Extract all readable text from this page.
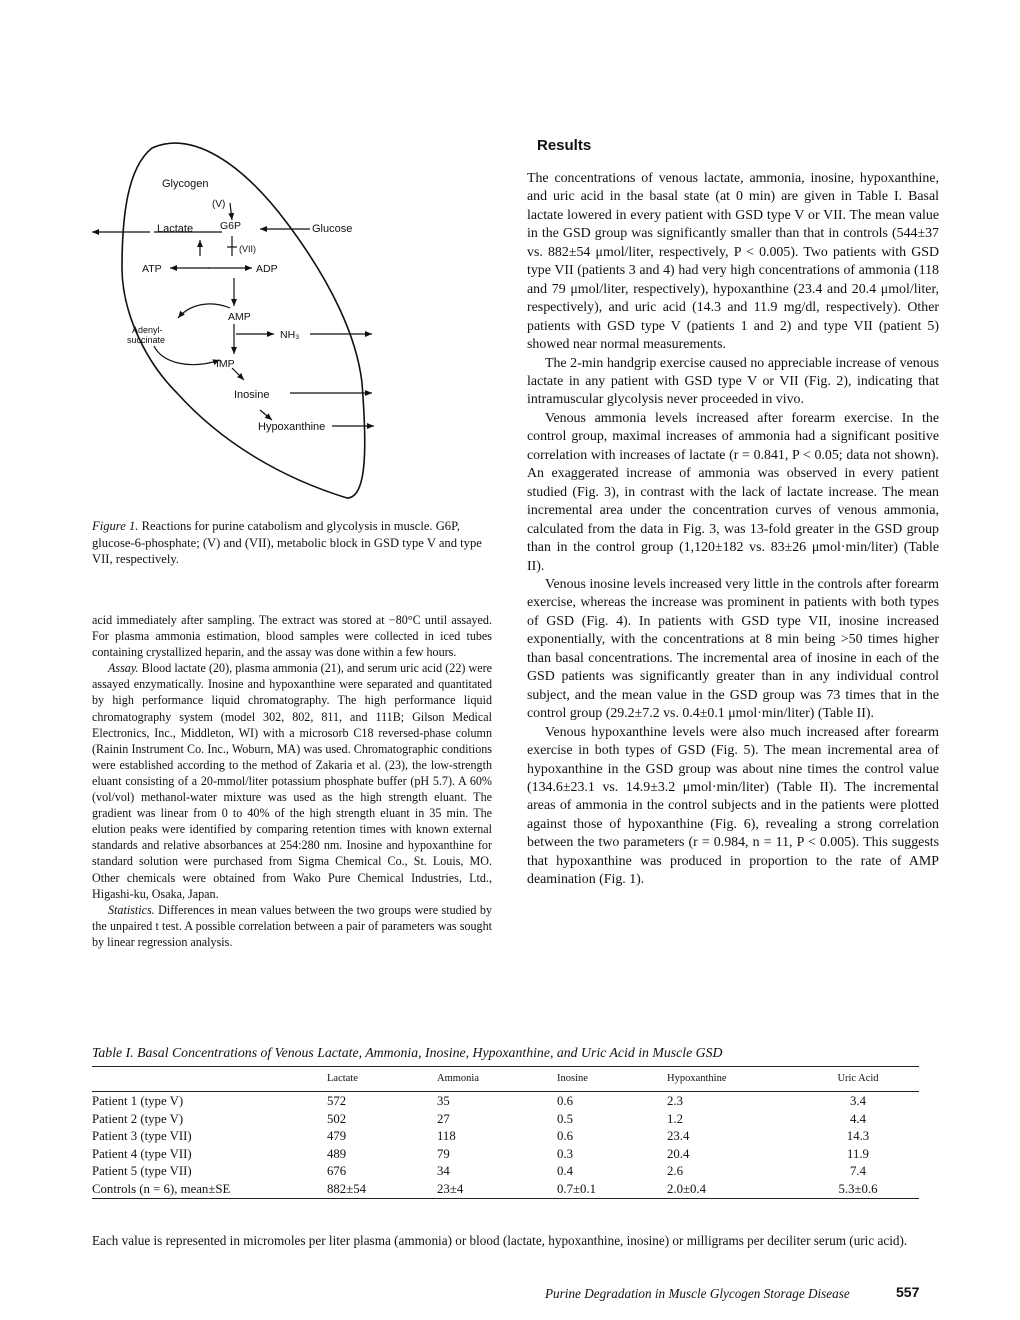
Glycogen
(V)
Lactate	G6P	Glucose
(VII)
ATP	ADP
AMP
Adenyl-
succinate	NH₃
IMP
Inosine
Hypoxanthine
Figure 1. Reactions for purine catabolism and glycolysis in muscle. G6P, glucose-6-phosphate; (V) and (VII), metabolic block in GSD type V and type VII, respectively.

acid immediately after sampling. The extract was stored at −80°C until assayed. For plasma ammonia estimation, blood samples were collected in iced tubes containing crystallized heparin, and the assay was done within a few hours.

Assay. Blood lactate (20), plasma ammonia (21), and serum uric acid (22) were assayed enzymatically. Inosine and hypoxanthine were separated and quantitated by high performance liquid chromatography. The high performance liquid chromatography system (model 302, 802, 811, and 111B; Gilson Medical Electronics, Inc., Middleton, WI) with a microsorb C18 reversed-phase column (Rainin Instrument Co. Inc., Woburn, MA) was used. Chromatographic conditions were established according to the method of Zakaria et al. (23), the low-strength eluant consisting of a 20-mmol/liter potassium phosphate buffer (pH 5.7). A 60% (vol/vol) methanol-water mixture was used as the high strength eluant. The gradient was linear from 0 to 40% of the high strength eluant in 35 min. The elution peaks were identified by comparing retention times with known external standards and relative absorbances at 254:280 nm. Inosine and hypoxanthine for standard solution were purchased from Sigma Chemical Co., St. Louis, MO. Other chemicals were obtained from Wako Pure Chemical Industries, Ltd., Higashi-ku, Osaka, Japan.

Statistics. Differences in mean values between the two groups were studied by the unpaired t test. A possible correlation between a pair of parameters was sought by linear regression analysis.

Results

The concentrations of venous lactate, ammonia, inosine, hypoxanthine, and uric acid in the basal state (at 0 min) are given in Table I. Basal lactate lowered in every patient with GSD type V or VII. The mean value in the GSD group was significantly smaller than that in controls (544±37 vs. 882±54 μmol/liter, respectively, P < 0.005). Two patients with GSD type VII (patients 3 and 4) had very high concentrations of ammonia (118 and 79 μmol/liter, respectively), hypoxanthine (23.4 and 20.4 μmol/liter, respectively), and uric acid (14.3 and 11.9 mg/dl, respectively). Other patients with GSD type V (patients 1 and 2) and type VII (patient 5) showed near normal measurements.

The 2-min handgrip exercise caused no appreciable increase of venous lactate in any patient with GSD type V or VII (Fig. 2), indicating that intramuscular glycolysis never proceeded in vivo.

Venous ammonia levels increased after forearm exercise. In the control group, maximal increases of ammonia had a significant positive correlation with increases of lactate (r = 0.841, P < 0.05; data not shown). An exaggerated increase of ammonia was observed in every patient studied (Fig. 3), in contrast with the lack of lactate increase. The mean incremental area under the concentration curves of venous ammonia, calculated from the data in Fig. 3, was 13-fold greater in the GSD group than in the control group (1,120±182 vs. 83±26 μmol·min/liter) (Table II).

Venous inosine levels increased very little in the controls after forearm exercise, whereas the increase was prominent in patients with both types of GSD (Fig. 4). In patients with GSD type VII, inosine increased exponentially, with the concentrations at 8 min being >50 times higher than basal concentrations. The incremental area of inosine in each of the GSD patients was significantly greater than in any individual control subject, and the mean value in the GSD group was 73 times that in the control group (29.2±7.2 vs. 0.4±0.1 μmol·min/liter) (Table II).

Venous hypoxanthine levels were also much increased after forearm exercise in both types of GSD (Fig. 5). The mean incremental area of hypoxanthine in the GSD group was about nine times the control value (134.6±23.1 vs. 14.9±3.2 μmol·min/liter) (Table II). The incremental areas of ammonia in the control subjects and in the patients were plotted against those of hypoxanthine (Fig. 6), revealing a strong correlation between the two parameters (r = 0.984, n = 11, P < 0.005). This suggests that hypoxanthine was produced in proportion to the rate of AMP deamination (Fig. 1).

Table I. Basal Concentrations of Venous Lactate, Ammonia, Inosine, Hypoxanthine, and Uric Acid in Muscle GSD
	Lactate	Ammonia	Inosine	Hypoxanthine	Uric Acid

Patient 1 (type V)	572	35	0.6	2.3	3.4
Patient 2 (type V)	502	27	0.5	1.2	4.4
Patient 3 (type VII)	479	118	0.6	23.4	14.3
Patient 4 (type VII)	489	79	0.3	20.4	11.9
Patient 5 (type VII)	676	34	0.4	2.6	7.4
Controls (n = 6), mean±SE	882±54	23±4	0.7±0.1	2.0±0.4	5.3±0.6
Each value is represented in micromoles per liter plasma (ammonia) or blood (lactate, hypoxanthine, inosine) or milligrams per deciliter serum (uric acid).
Purine Degradation in Muscle Glycogen Storage Disease	557
